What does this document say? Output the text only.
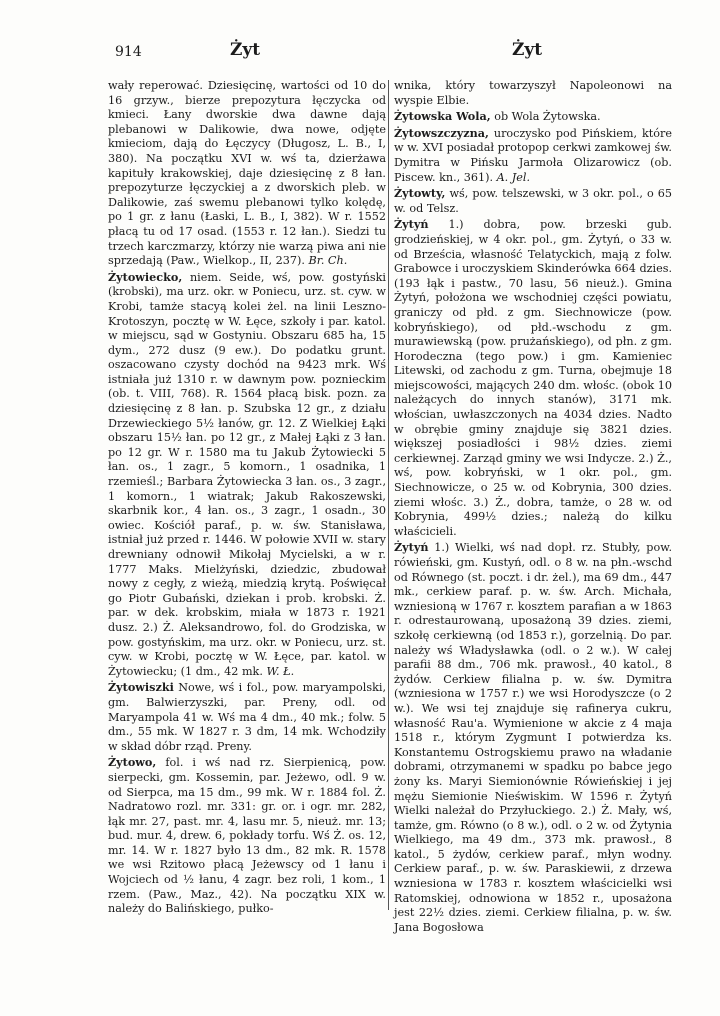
914	Żyt	Żyt

wały reperować. Dziesięcinę, wartości od 10 do 16 grzyw., bierze prepozytura łęczycka od kmieci. Łany dworskie dwa dawne dają plebanowi w Dalikowie, dwa nowe, odjęte kmieciom, dają do Łęczycy (Długosz, L. B., I, 380). Na początku XVI w. wś ta, dzierżawa kapituły krakowskiej, daje dziesięcinę z 8 łan. prepozyturze łęczyckiej a z dworskich pleb. w Dalikowie, zaś swemu plebanowi tylko kolędę, po 1 gr. z łanu (Łaski, L. B., I, 382). W r. 1552 płacą tu od 17 osad. (1553 r. 12 łan.). Siedzi tu trzech karczmarzy, którzy nie warzą piwa ani nie sprzedają (Paw., Wielkop., II, 237). Br. Ch.

Żytowiecko, niem. Seide, wś, pow. gostyński (krobski), ma urz. okr. w Poniecu, urz. st. cyw. w Krobi, tamże stacyą kolei żel. na linii Leszno-Krotoszyn, pocztę w W. Łęce, szkoły i par. katol. w miejscu, sąd w Gostyniu. Obszaru 685 ha, 15 dym., 272 dusz (9 ew.). Do podatku grunt. oszacowano czysty dochód na 9423 mrk. Wś istniała już 1310 r. w dawnym pow. poznieckim (ob. t. VIII, 768). R. 1564 płacą bisk. pozn. za dziesięcinę z 8 łan. p. Szubska 12 gr., z działu Drzewieckiego 5½ łanów, gr. 12. Z Wielkiej Łąki obszaru 15½ łan. po 12 gr., z Małej Łąki z 3 łan. po 12 gr. W r. 1580 ma tu Jakub Żytowiecki 5 łan. os., 1 zagr., 5 komorn., 1 osadnika, 1 rzemieśl.; Barbara Żytowiecka 3 łan. os., 3 zagr., 1 komorn., 1 wiatrak; Jakub Rakoszewski, skarbnik kor., 4 łan. os., 3 zagr., 1 osadn., 30 owiec. Kościół paraf., p. w. św. Stanisława, istniał już przed r. 1446. W połowie XVII w. stary drewniany odnowił Mikołaj Mycielski, a w r. 1777 Maks. Mielżyński, dziedzic, zbudował nowy z cegły, z wieżą, miedzią krytą. Poświęcał go Piotr Gubański, dziekan i prob. krobski. Ż. par. w dek. krobskim, miała w 1873 r. 1921 dusz. 2.) Ż. Aleksandrowo, fol. do Grodziska, w pow. gostyńskim, ma urz. okr. w Poniecu, urz. st. cyw. w Krobi, pocztę w W. Łęce, par. katol. w Żytowiecku; (1 dm., 42 mk. W. Ł.

Żytowiszki Nowe, wś i fol., pow. maryampolski, gm. Balwierzyszki, par. Preny, odl. od Maryampola 41 w. Wś ma 4 dm., 40 mk.; folw. 5 dm., 55 mk. W 1827 r. 3 dm, 14 mk. Wchodziły w skład dóbr rząd. Preny.

Żytowo, fol. i wś nad rz. Sierpienicą, pow. sierpecki, gm. Kossemin, par. Jeżewo, odl. 9 w. od Sierpca, ma 15 dm., 99 mk. W r. 1884 fol. Ż. Nadratowo rozl. mr. 331: gr. or. i ogr. mr. 282, łąk mr. 27, past. mr. 4, lasu mr. 5, nieuż. mr. 13; bud. mur. 4, drew. 6, pokłady torfu. Wś Ż. os. 12, mr. 14. W r. 1827 było 13 dm., 82 mk. R. 1578 we wsi Rzitowo płacą Jeżewscy od 1 łanu i Wojciech od ½ łanu, 4 zagr. bez roli, 1 kom., 1 rzem. (Paw., Maz., 42). Na początku XIX w. należy do Balińskiego, pułko-

wnika, który towarzyszył Napoleonowi na wyspie Elbie.

Żytowska Wola, ob Wola Żytowska.

Żytowszczyzna, uroczysko pod Pińskiem, które w w. XVI posiadał protopop cerkwi zamkowej św. Dymitra w Pińsku Jarmoła Olizarowicz (ob. Piscew. kn., 361). A. Jel.

Żytowty, wś, pow. telszewski, w 3 okr. pol., o 65 w. od Telsz.

Żytyń 1.) dobra, pow. brzeski gub. grodzieńskiej, w 4 okr. pol., gm. Żytyń, o 33 w. od Brześcia, własność Telatyckich, mają z folw. Grabowce i uroczyskiem Skinderówka 664 dzies. (193 łąk i pastw., 70 lasu, 56 nieuż.). Gmina Żytyń, położona we wschodniej części powiatu, graniczy od płd. z gm. Siechnowicze (pow. kobryńskiego), od płd.-wschodu z gm. murawiewską (pow. prużańskiego), od płn. z gm. Horodeczna (tego pow.) i gm. Kamieniec Litewski, od zachodu z gm. Turna, obejmuje 18 miejscowości, mających 240 dm. włośc. (obok 10 należących do innych stanów), 3171 mk. włościan, uwłaszczonych na 4034 dzies. Nadto w obrębie gminy znajduje się 3821 dzies. większej posiadłości i 98½ dzies. ziemi cerkiewnej. Zarząd gminy we wsi Indycze. 2.) Ż., wś, pow. kobryński, w 1 okr. pol., gm. Siechnowicze, o 25 w. od Kobrynia, 300 dzies. ziemi włośc. 3.) Ż., dobra, tamże, o 28 w. od Kobrynia, 499½ dzies.; należą do kilku właścicieli.

Żytyń 1.) Wielki, wś nad dopł. rz. Stubły, pow. rówieński, gm. Kustyń, odl. o 8 w. na płn.-wschd od Równego (st. poczt. i dr. żel.), ma 69 dm., 447 mk., cerkiew paraf. p. w. św. Arch. Michała, wzniesioną w 1767 r. kosztem parafian a w 1863 r. odrestaurowaną, uposażoną 39 dzies. ziemi, szkołę cerkiewną (od 1853 r.), gorzelnią. Do par. należy wś Władysławka (odl. o 2 w.). W całej parafii 88 dm., 706 mk. prawosł., 40 katol., 8 żydów. Cerkiew filialna p. w. św. Dymitra (wzniesiona w 1757 r.) we wsi Horodyszcze (o 2 w.). We wsi tej znajduje się rafinerya cukru, własność Rau'a. Wymienione w akcie z 4 maja 1518 r., którym Zygmunt I potwierdza ks. Konstantemu Ostrogskiemu prawo na władanie dobrami, otrzymanemi w spadku po babce jego żony ks. Maryi Siemionównie Rówieńskiej i jej mężu Siemionie Nieświskim. W 1596 r. Żytyń Wielki należał do Przyłuckiego. 2.) Ż. Mały, wś, tamże, gm. Równo (o 8 w.), odl. o 2 w. od Żytynia Wielkiego, ma 49 dm., 373 mk. prawosł., 8 katol., 5 żydów, cerkiew paraf., młyn wodny. Cerkiew paraf., p. w. św. Paraskiewii, z drzewa wzniesiona w 1783 r. kosztem właścicielki wsi Ratomskiej, odnowiona w 1852 r., uposażona jest 22½ dzies. ziemi. Cerkiew filialna, p. w. św. Jana Bogosłowa
